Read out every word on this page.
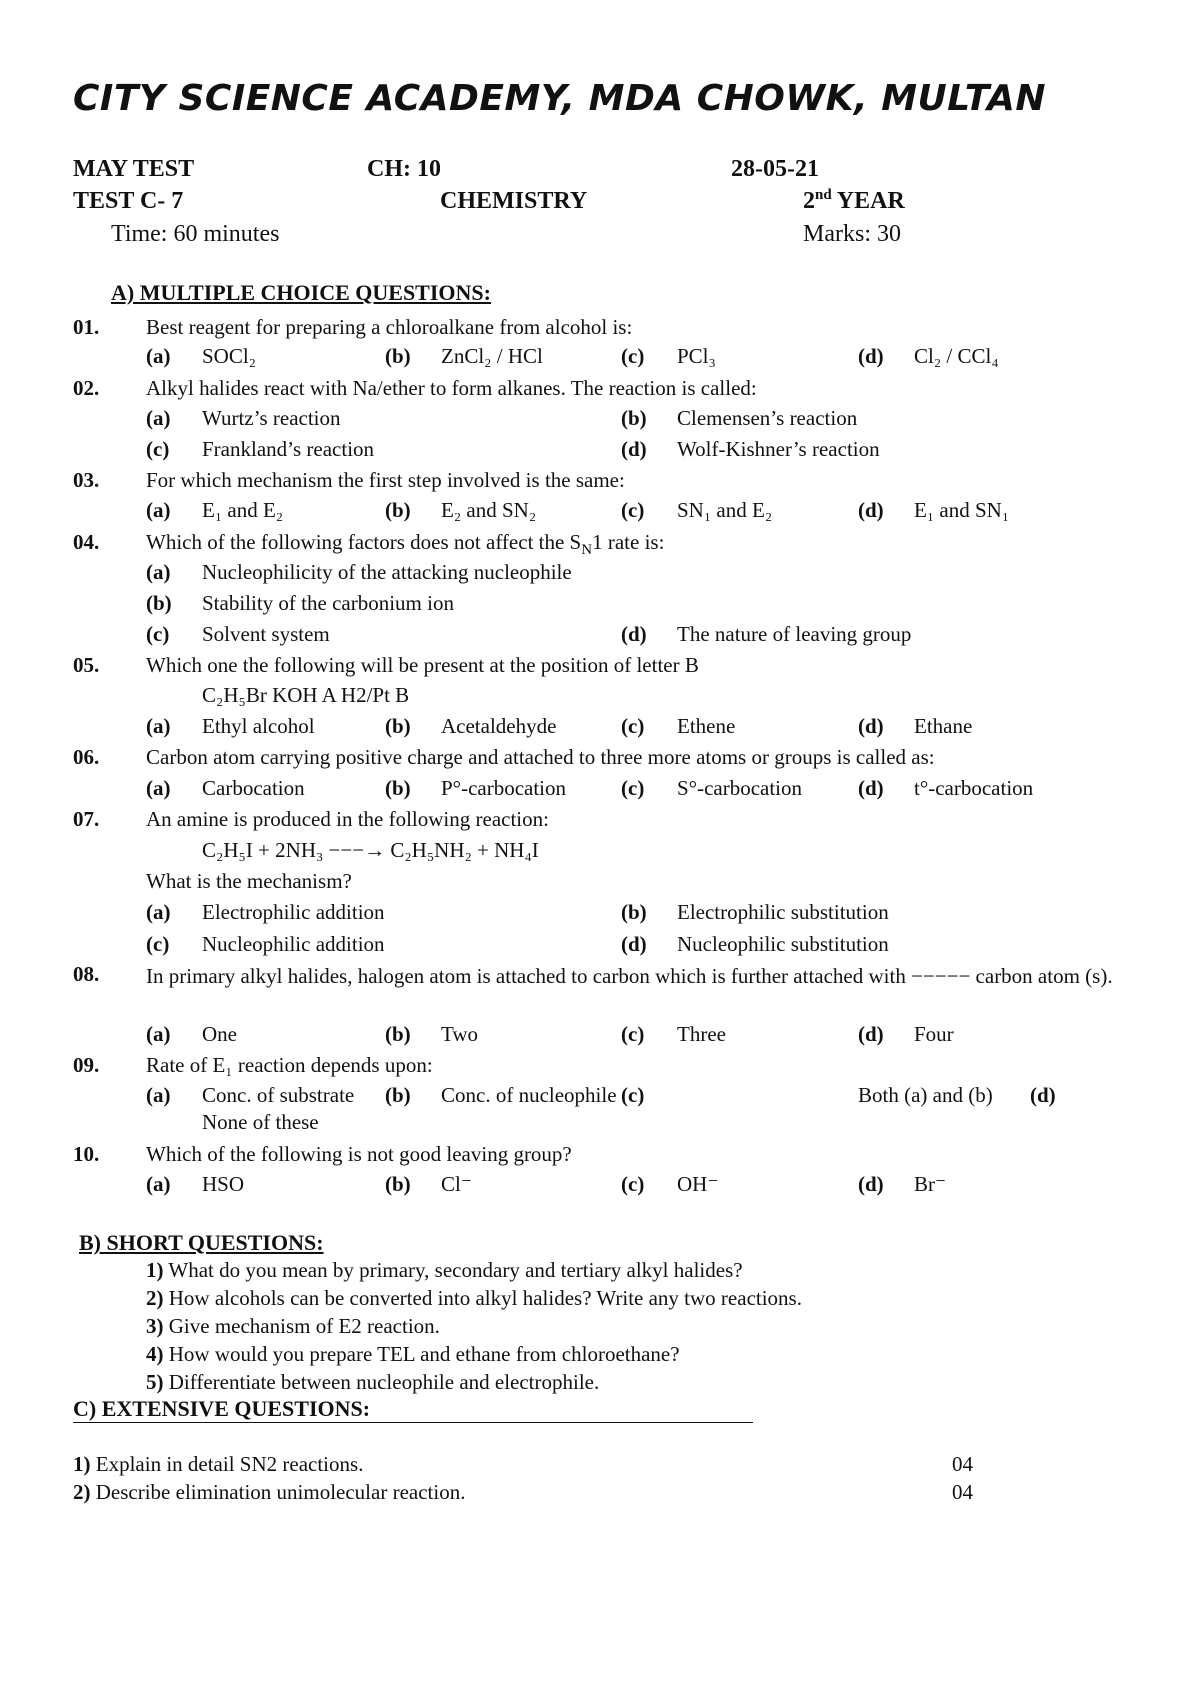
CITY SCIENCE ACADEMY, MDA CHOWK, MULTAN
MAY TEST	CH: 10	28-05-21
TEST C- 7	CHEMISTRY	2nd YEAR
Time: 60 minutes	Marks: 30
A) MULTIPLE CHOICE QUESTIONS:
01. Best reagent for preparing a chloroalkane from alcohol is:
(a) SOCl₂	(b) ZnCl₂ / HCl	(c) PCl₃	(d) Cl₂ / CCl₄
02. Alkyl halides react with Na/ether to form alkanes. The reaction is called:
(a) Wurtz’s reaction	(b) Clemensen’s reaction
(c) Frankland’s reaction	(d) Wolf-Kishner’s reaction
03. For which mechanism the first step involved is the same:
(a) E₁ and E₂	(b) E₂ and SN₂	(c) SN₁ and E₂	(d) E₁ and SN₁
04. Which of the following factors does not affect the $S_N1$ rate is:
(a) Nucleophilicity of the attacking nucleophile
(b) Stability of the carbonium ion
(c) Solvent system	(d) The nature of leaving group
05. Which one the following will be present at the position of letter B
C₂H₅Br KOH A H2/Pt B
(a) Ethyl alcohol	(b) Acetaldehyde	(c) Ethene	(d) Ethane
06. Carbon atom carrying positive charge and attached to three more atoms or groups is called as:
(a) Carbocation	(b) P°-carbocation	(c) S°-carbocation	(d) t°-carbocation
07. An amine is produced in the following reaction:
C₂H₅I + 2NH₃ −−−→ C₂H₅NH₂ + NH₄I
What is the mechanism?
(a) Electrophilic addition	(b) Electrophilic substitution
(c) Nucleophilic addition	(d) Nucleophilic substitution
08. In primary alkyl halides, halogen atom is attached to carbon which is further attached with −−−−− carbon atom (s).
(a) One	(b) Two	(c) Three	(d) Four
09. Rate of E₁ reaction depends upon:
(a) Conc. of substrate (b) Conc. of nucleophile (c)	Both (a) and (b) (d)
None of these
10. Which of the following is not good leaving group?
(a) HSO	(b) Cl⁻	(c) OH⁻	(d) Br⁻
B) SHORT QUESTIONS:
1) What do you mean by primary, secondary and tertiary alkyl halides?
2) How alcohols can be converted into alkyl halides? Write any two reactions.
3) Give mechanism of E2 reaction.
4) How would you prepare TEL and ethane from chloroethane?
5) Differentiate between nucleophile and electrophile.
C) EXTENSIVE QUESTIONS:
1) Explain in detail SN2 reactions.	04
2) Describe elimination unimolecular reaction.	04
